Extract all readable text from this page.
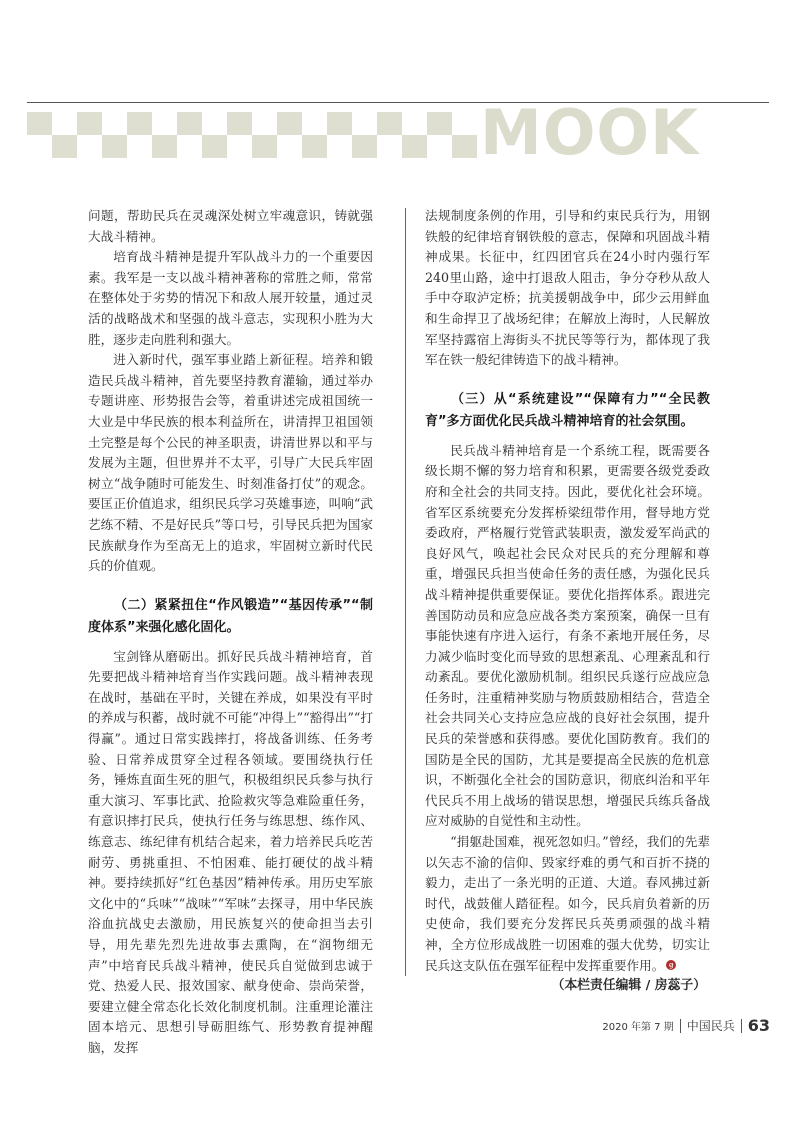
MOOK

问题，帮助民兵在灵魂深处树立牢魂意识，铸就强大战斗精神。

培育战斗精神是提升军队战斗力的一个重要因素。我军是一支以战斗精神著称的常胜之师，常常在整体处于劣势的情况下和敌人展开较量，通过灵活的战略战术和坚强的战斗意志，实现积小胜为大胜，逐步走向胜利和强大。

进入新时代，强军事业踏上新征程。培养和锻造民兵战斗精神，首先要坚持教育灌输，通过举办专题讲座、形势报告会等，着重讲述完成祖国统一大业是中华民族的根本利益所在，讲清捍卫祖国领土完整是每个公民的神圣职责，讲清世界以和平与发展为主题，但世界并不太平，引导广大民兵牢固树立“战争随时可能发生、时刻准备打仗”的观念。要匡正价值追求，组织民兵学习英雄事迹，叫响“武艺练不精、不是好民兵”等口号，引导民兵把为国家民族献身作为至高无上的追求，牢固树立新时代民兵的价值观。

（二）紧紧扭住“作风锻造”“基因传承”“制度体系”来强化感化固化。

宝剑锋从磨砺出。抓好民兵战斗精神培育，首先要把战斗精神培育当作实践问题。战斗精神表现在战时，基础在平时，关键在养成，如果没有平时的养成与积蓄，战时就不可能“冲得上”“豁得出”“打得赢”。通过日常实践摔打，将战备训练、任务考验、日常养成贯穿全过程各领域。要围绕执行任务，锤炼直面生死的胆气，积极组织民兵参与执行重大演习、军事比武、抢险救灾等急难险重任务，有意识摔打民兵，使执行任务与练思想、练作风、练意志、练纪律有机结合起来，着力培养民兵吃苦耐劳、勇挑重担、不怕困难、能打硬仗的战斗精神。要持续抓好“红色基因”精神传承。用历史军旅文化中的“兵味”“战味”“军味”去探寻，用中华民族浴血抗战史去激励，用民族复兴的使命担当去引导，用先辈先烈先进故事去熏陶，在“润物细无声”中培育民兵战斗精神，使民兵自觉做到忠诚于党、热爱人民、报效国家、献身使命、崇尚荣誉，要建立健全常态化长效化制度机制。注重理论灌注固本培元、思想引导砺胆练气、形势教育提神醒脑，发挥

法规制度条例的作用，引导和约束民兵行为，用钢铁般的纪律培育钢铁般的意志，保障和巩固战斗精神成果。长征中，红四团官兵在24小时内强行军240里山路，途中打退敌人阻击，争分夺秒从敌人手中夺取泸定桥；抗美援朝战争中，邱少云用鲜血和生命捍卫了战场纪律；在解放上海时，人民解放军坚持露宿上海街头不扰民等等行为，都体现了我军在铁一般纪律铸造下的战斗精神。

（三）从“系统建设”“保障有力”“全民教育”多方面优化民兵战斗精神培育的社会氛围。

民兵战斗精神培育是一个系统工程，既需要各级长期不懈的努力培育和积累，更需要各级党委政府和全社会的共同支持。因此，要优化社会环境。省军区系统要充分发挥桥梁纽带作用，督导地方党委政府，严格履行党管武装职责，激发爱军尚武的良好风气，唤起社会民众对民兵的充分理解和尊重，增强民兵担当使命任务的责任感，为强化民兵战斗精神提供重要保证。要优化指挥体系。跟进完善国防动员和应急应战各类方案预案，确保一旦有事能快速有序进入运行，有条不紊地开展任务，尽力减少临时变化而导致的思想紊乱、心理紊乱和行动紊乱。要优化激励机制。组织民兵遂行应战应急任务时，注重精神奖励与物质鼓励相结合，营造全社会共同关心支持应急应战的良好社会氛围，提升民兵的荣誉感和获得感。要优化国防教育。我们的国防是全民的国防，尤其是要提高全民族的危机意识，不断强化全社会的国防意识，彻底纠治和平年代民兵不用上战场的错误思想，增强民兵练兵备战应对威胁的自觉性和主动性。

“捐躯赴国难，视死忽如归。”曾经，我们的先辈以矢志不渝的信仰、毁家纾难的勇气和百折不挠的毅力，走出了一条光明的正道、大道。春风拂过新时代，战鼓催人踏征程。如今，民兵肩负着新的历史使命，我们要充分发挥民兵英勇顽强的战斗精神，全方位形成战胜一切困难的强大优势，切实让民兵这支队伍在强军征程中发挥重要作用。 ꞡ

（本栏责任编辑 / 房蕊子）

2020 年第 7 期 中国民兵 63
